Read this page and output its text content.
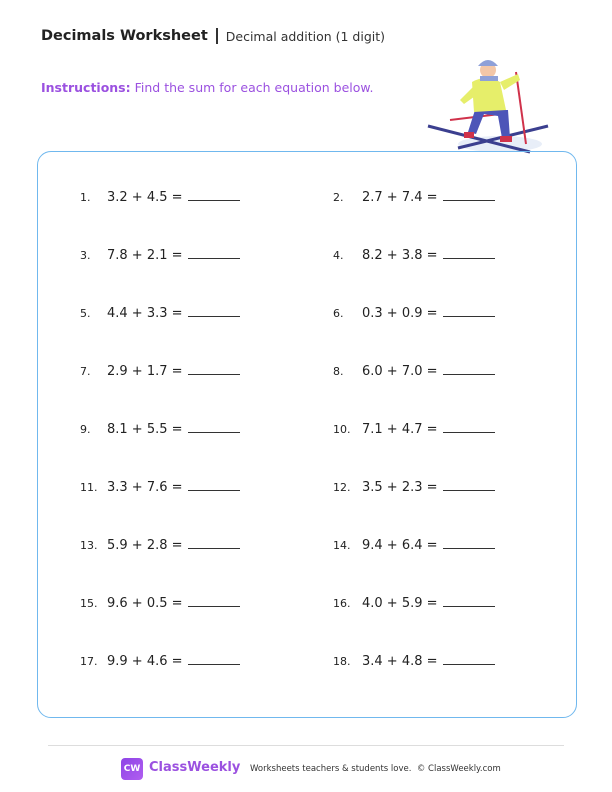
Decimals Worksheet Decimal addition (1 digit)
Instructions: Find the sum for each equation below.
1.	3.2 + 4.5 =	2.	2.7 + 7.4 =
3.	7.8 + 2.1 =	4.	8.2 + 3.8 =
5.	4.4 + 3.3 =	6.	0.3 + 0.9 =
7.	2.9 + 1.7 =	8.	6.0 + 7.0 =
9.	8.1 + 5.5 =	10. 7.1 + 4.7 =
11. 3.3 + 7.6 =	12. 3.5 + 2.3 =
13. 5.9 + 2.8 =	14. 9.4 + 6.4 =
15. 9.6 + 0.5 =	16. 4.0 + 5.9 =
17. 9.9 + 4.6 =	18. 3.4 + 4.8 =
CW ClassWeekly Worksheets teachers & students love. © ClassWeekly.com
